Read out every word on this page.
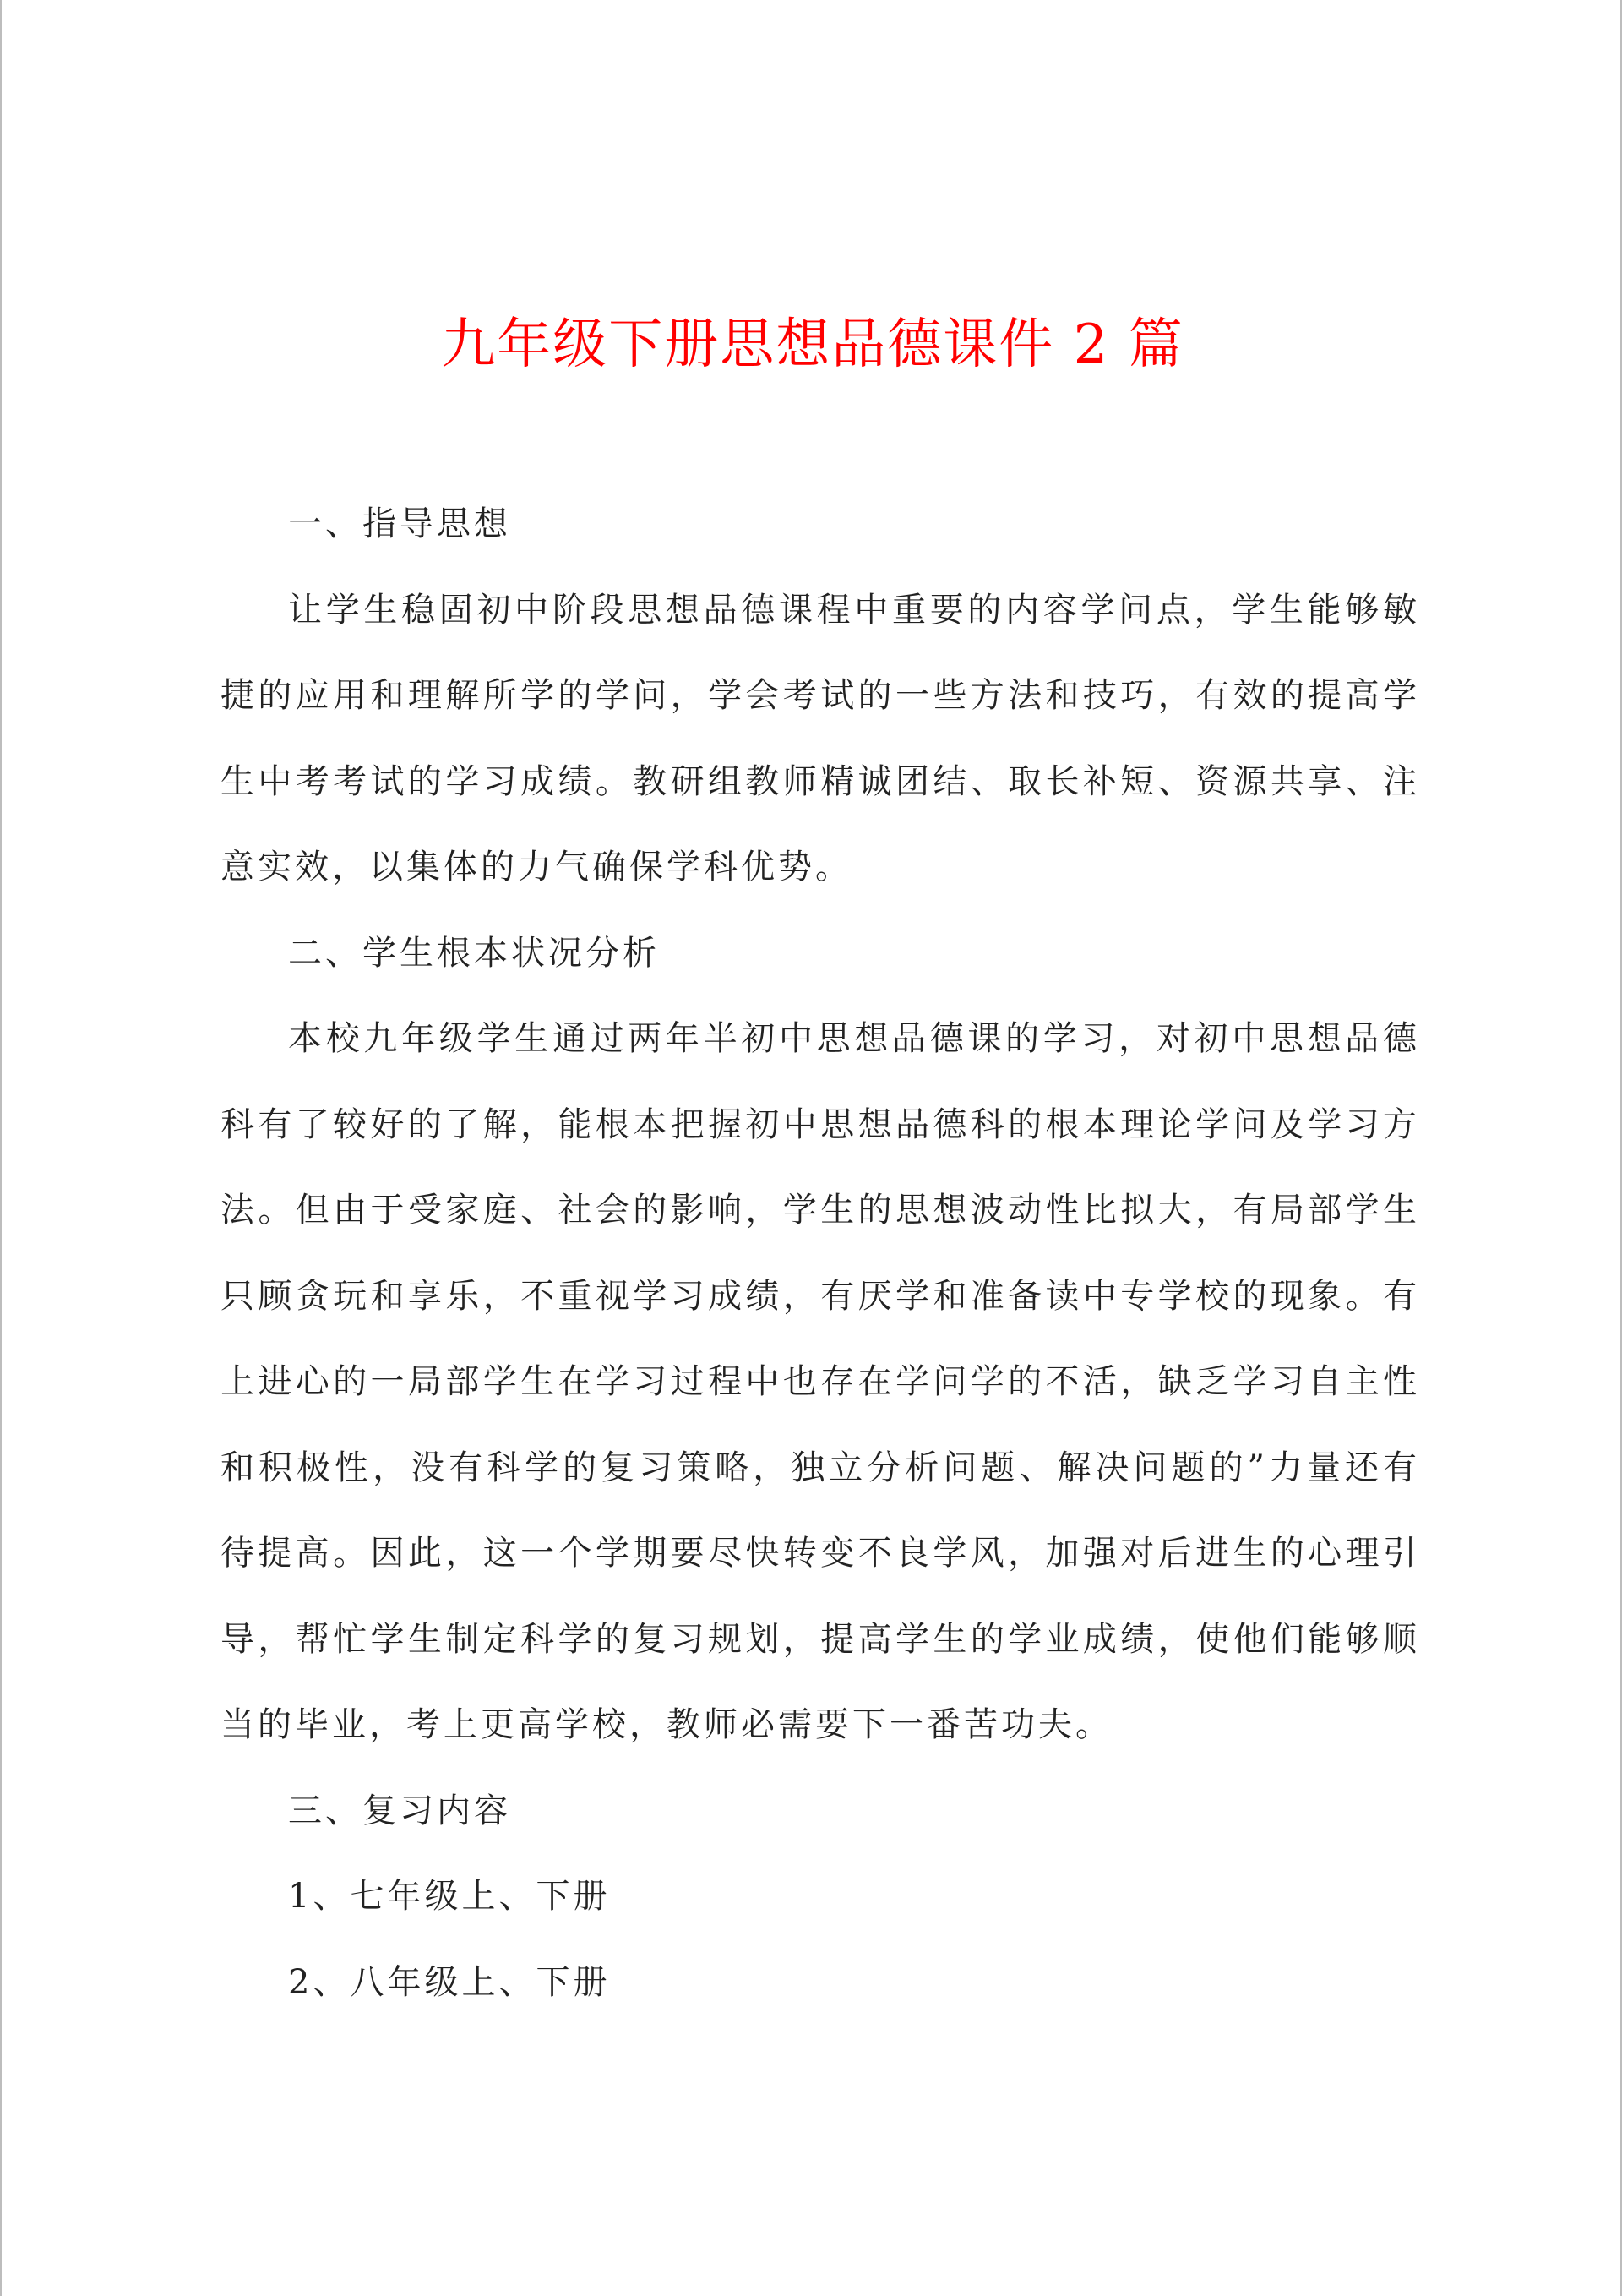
九年级下册思想品德课件 2 篇

一、指导思想

让学生稳固初中阶段思想品德课程中重要的内容学问点，学生能够敏捷的应用和理解所学的学问，学会考试的一些方法和技巧，有效的提高学生中考考试的学习成绩。教研组教师精诚团结、取长补短、资源共享、注意实效，以集体的力气确保学科优势。

二、学生根本状况分析

本校九年级学生通过两年半初中思想品德课的学习，对初中思想品德科有了较好的了解，能根本把握初中思想品德科的根本理论学问及学习方法。但由于受家庭、社会的影响，学生的思想波动性比拟大，有局部学生只顾贪玩和享乐，不重视学习成绩，有厌学和准备读中专学校的现象。有上进心的一局部学生在学习过程中也存在学问学的不活，缺乏学习自主性和积极性，没有科学的复习策略，独立分析问题、解决问题的”力量还有待提高。因此，这一个学期要尽快转变不良学风，加强对后进生的心理引导，帮忙学生制定科学的复习规划，提高学生的学业成绩，使他们能够顺当的毕业，考上更高学校，教师必需要下一番苦功夫。

三、复习内容

1、七年级上、下册

2、八年级上、下册
